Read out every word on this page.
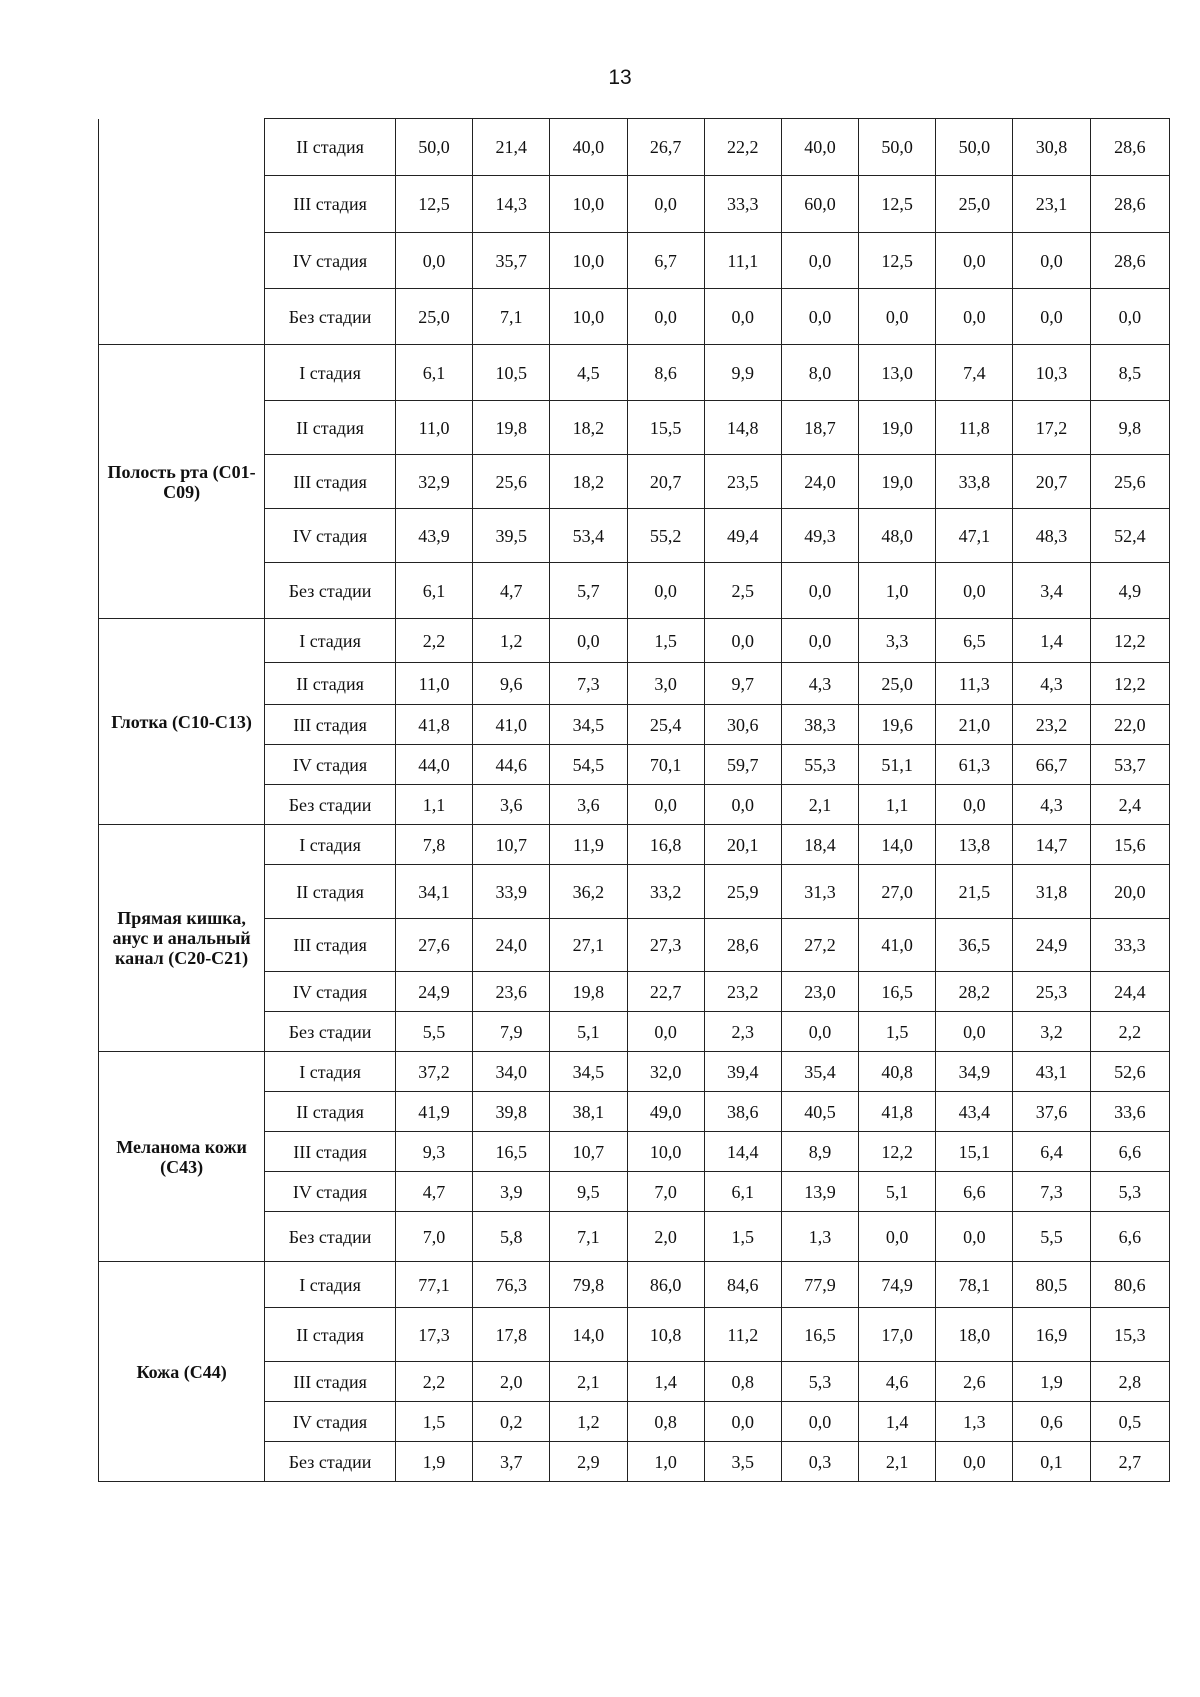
13
	II стадия	50,0	21,4	40,0	26,7	22,2	40,0	50,0	50,0	30,8	28,6
	III стадия	12,5	14,3	10,0	0,0	33,3	60,0	12,5	25,0	23,1	28,6
	IV стадия	0,0	35,7	10,0	6,7	11,1	0,0	12,5	0,0	0,0	28,6
	Без стадии	25,0	7,1	10,0	0,0	0,0	0,0	0,0	0,0	0,0	0,0
Полость рта (C01-C09)	I стадия	6,1	10,5	4,5	8,6	9,9	8,0	13,0	7,4	10,3	8,5
	II стадия	11,0	19,8	18,2	15,5	14,8	18,7	19,0	11,8	17,2	9,8
	III стадия	32,9	25,6	18,2	20,7	23,5	24,0	19,0	33,8	20,7	25,6
	IV стадия	43,9	39,5	53,4	55,2	49,4	49,3	48,0	47,1	48,3	52,4
	Без стадии	6,1	4,7	5,7	0,0	2,5	0,0	1,0	0,0	3,4	4,9
Глотка (C10-C13)	I стадия	2,2	1,2	0,0	1,5	0,0	0,0	3,3	6,5	1,4	12,2
	II стадия	11,0	9,6	7,3	3,0	9,7	4,3	25,0	11,3	4,3	12,2
	III стадия	41,8	41,0	34,5	25,4	30,6	38,3	19,6	21,0	23,2	22,0
	IV стадия	44,0	44,6	54,5	70,1	59,7	55,3	51,1	61,3	66,7	53,7
	Без стадии	1,1	3,6	3,6	0,0	0,0	2,1	1,1	0,0	4,3	2,4
Прямая кишка, анус и анальный канал (C20-C21)	I стадия	7,8	10,7	11,9	16,8	20,1	18,4	14,0	13,8	14,7	15,6
	II стадия	34,1	33,9	36,2	33,2	25,9	31,3	27,0	21,5	31,8	20,0
	III стадия	27,6	24,0	27,1	27,3	28,6	27,2	41,0	36,5	24,9	33,3
	IV стадия	24,9	23,6	19,8	22,7	23,2	23,0	16,5	28,2	25,3	24,4
	Без стадии	5,5	7,9	5,1	0,0	2,3	0,0	1,5	0,0	3,2	2,2
Меланома кожи (C43)	I стадия	37,2	34,0	34,5	32,0	39,4	35,4	40,8	34,9	43,1	52,6
	II стадия	41,9	39,8	38,1	49,0	38,6	40,5	41,8	43,4	37,6	33,6
	III стадия	9,3	16,5	10,7	10,0	14,4	8,9	12,2	15,1	6,4	6,6
	IV стадия	4,7	3,9	9,5	7,0	6,1	13,9	5,1	6,6	7,3	5,3
	Без стадии	7,0	5,8	7,1	2,0	1,5	1,3	0,0	0,0	5,5	6,6
Кожа (C44)	I стадия	77,1	76,3	79,8	86,0	84,6	77,9	74,9	78,1	80,5	80,6
	II стадия	17,3	17,8	14,0	10,8	11,2	16,5	17,0	18,0	16,9	15,3
	III стадия	2,2	2,0	2,1	1,4	0,8	5,3	4,6	2,6	1,9	2,8
	IV стадия	1,5	0,2	1,2	0,8	0,0	0,0	1,4	1,3	0,6	0,5
	Без стадии	1,9	3,7	2,9	1,0	3,5	0,3	2,1	0,0	0,1	2,7
